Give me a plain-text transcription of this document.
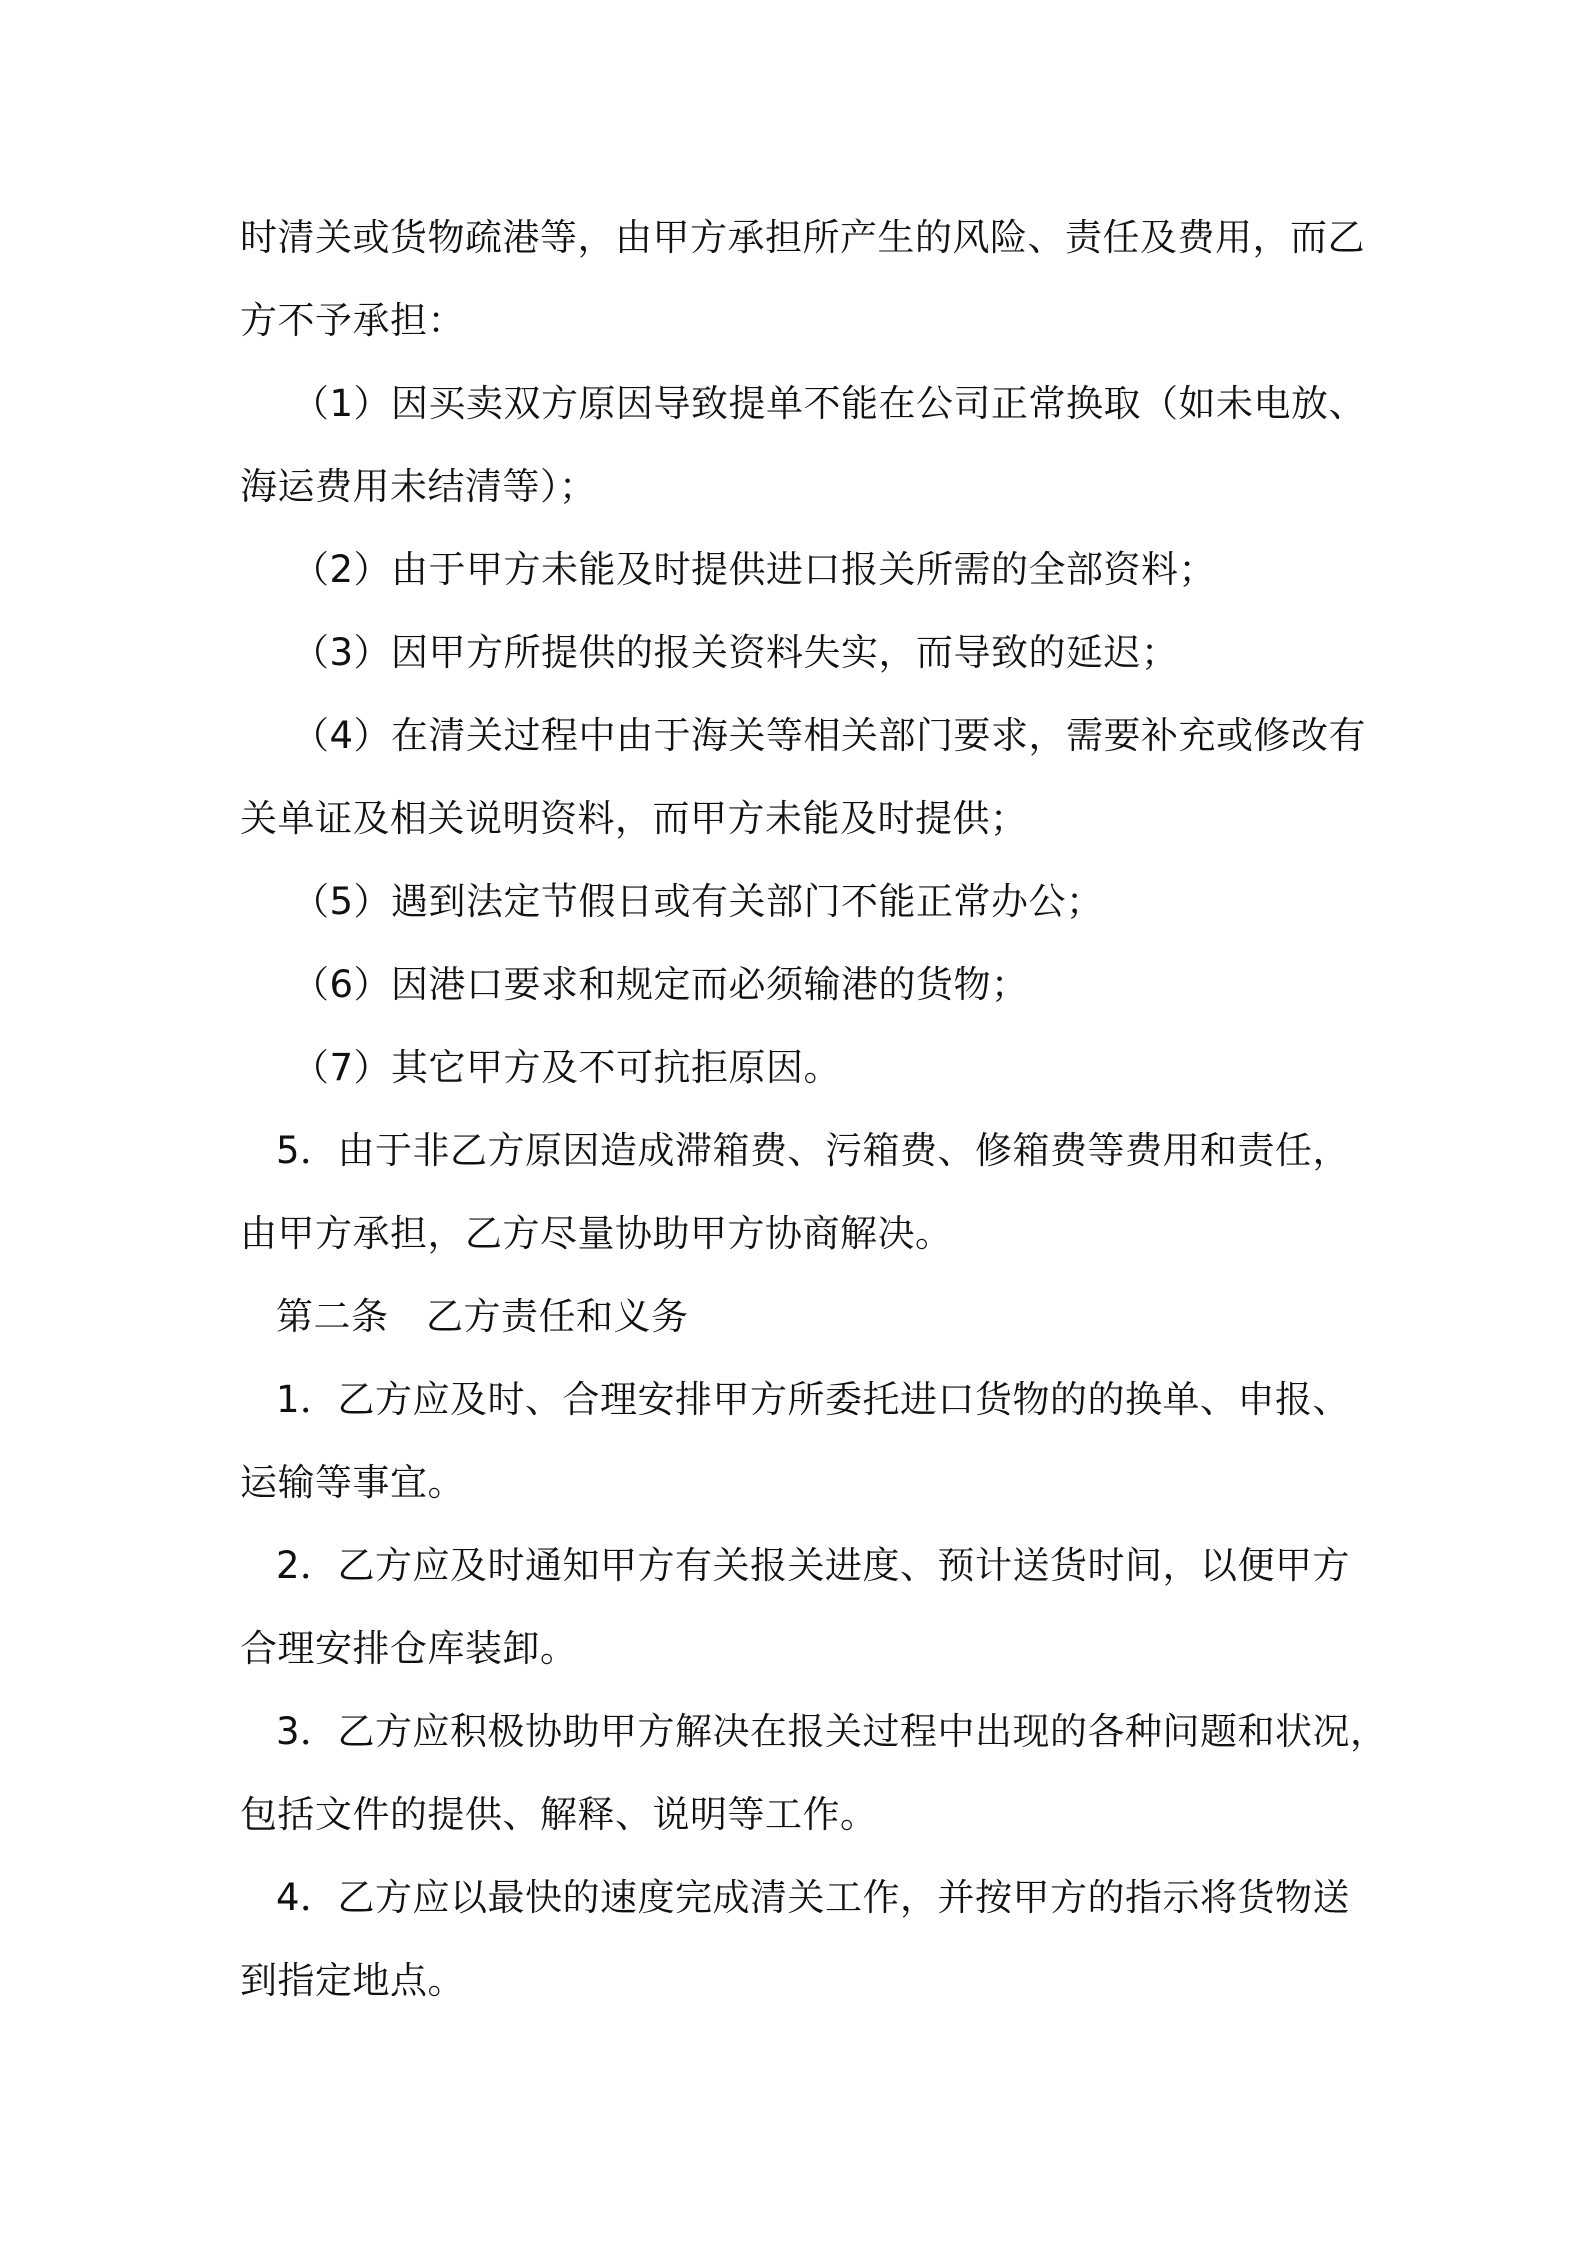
时清关或货物疏港等，由甲方承担所产生的风险、责任及费用，而乙
方不予承担：
（1）因买卖双方原因导致提单不能在公司正常换取（如未电放、
海运费用未结清等）；
（2）由于甲方未能及时提供进口报关所需的全部资料；
（3）因甲方所提供的报关资料失实，而导致的延迟；
（4）在清关过程中由于海关等相关部门要求，需要补充或修改有
关单证及相关说明资料，而甲方未能及时提供；
（5）遇到法定节假日或有关部门不能正常办公；
（6）因港口要求和规定而必须输港的货物；
（7）其它甲方及不可抗拒原因。
5．由于非乙方原因造成滞箱费、污箱费、修箱费等费用和责任，
由甲方承担，乙方尽量协助甲方协商解决。
第二条　乙方责任和义务
1．乙方应及时、合理安排甲方所委托进口货物的的换单、申报、
运输等事宜。
2．乙方应及时通知甲方有关报关进度、预计送货时间，以便甲方
合理安排仓库装卸。
3．乙方应积极协助甲方解决在报关过程中出现的各种问题和状况，
包括文件的提供、解释、说明等工作。
4．乙方应以最快的速度完成清关工作，并按甲方的指示将货物送
到指定地点。
